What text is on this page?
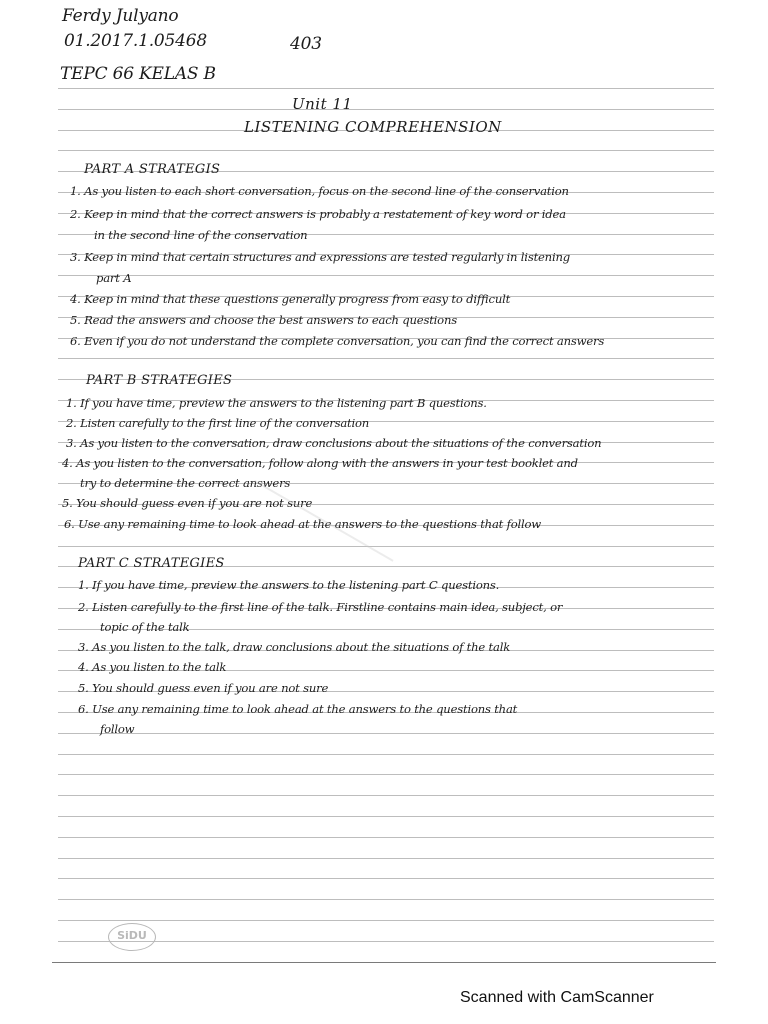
Ferdy Julyano
01.2017.1.05468	403
TEPC 66 KELAS B
Unit 11
LISTENING COMPREHENSION
PART A STRATEGIS
1. As you listen to each short conversation, focus on the second line of the conservation
2. Keep in mind that the correct answers is probably a restatement of key word or idea
in the second line of the conservation
3. Keep in mind that certain structures and expressions are tested regularly in listening
part A
4. Keep in mind that these questions generally progress from easy to difficult
5. Read the answers and choose the best answers to each questions
6. Even if you do not understand the complete conversation, you can find the correct answers
PART B STRATEGIES
1. If you have time, preview the answers to the listening part B questions.
2. Listen carefully to the first line of the conversation
3. As you listen to the conversation, draw conclusions about the situations of the conversation
4. As you listen to the conversation, follow along with the answers in your test booklet and
try to determine the correct answers
5. You should guess even if you are not sure
6. Use any remaining time to look ahead at the answers to the questions that follow
PART C STRATEGIES
1. If you have time, preview the answers to the listening part C questions.
2. Listen carefully to the first line of the talk. Firstline contains main idea, subject, or
topic of the talk
3. As you listen to the talk, draw conclusions about the situations of the talk
4. As you listen to the talk
5. You should guess even if you are not sure
6. Use any remaining time to look ahead at the answers to the questions that
follow
SiDU
Scanned with CamScanner
